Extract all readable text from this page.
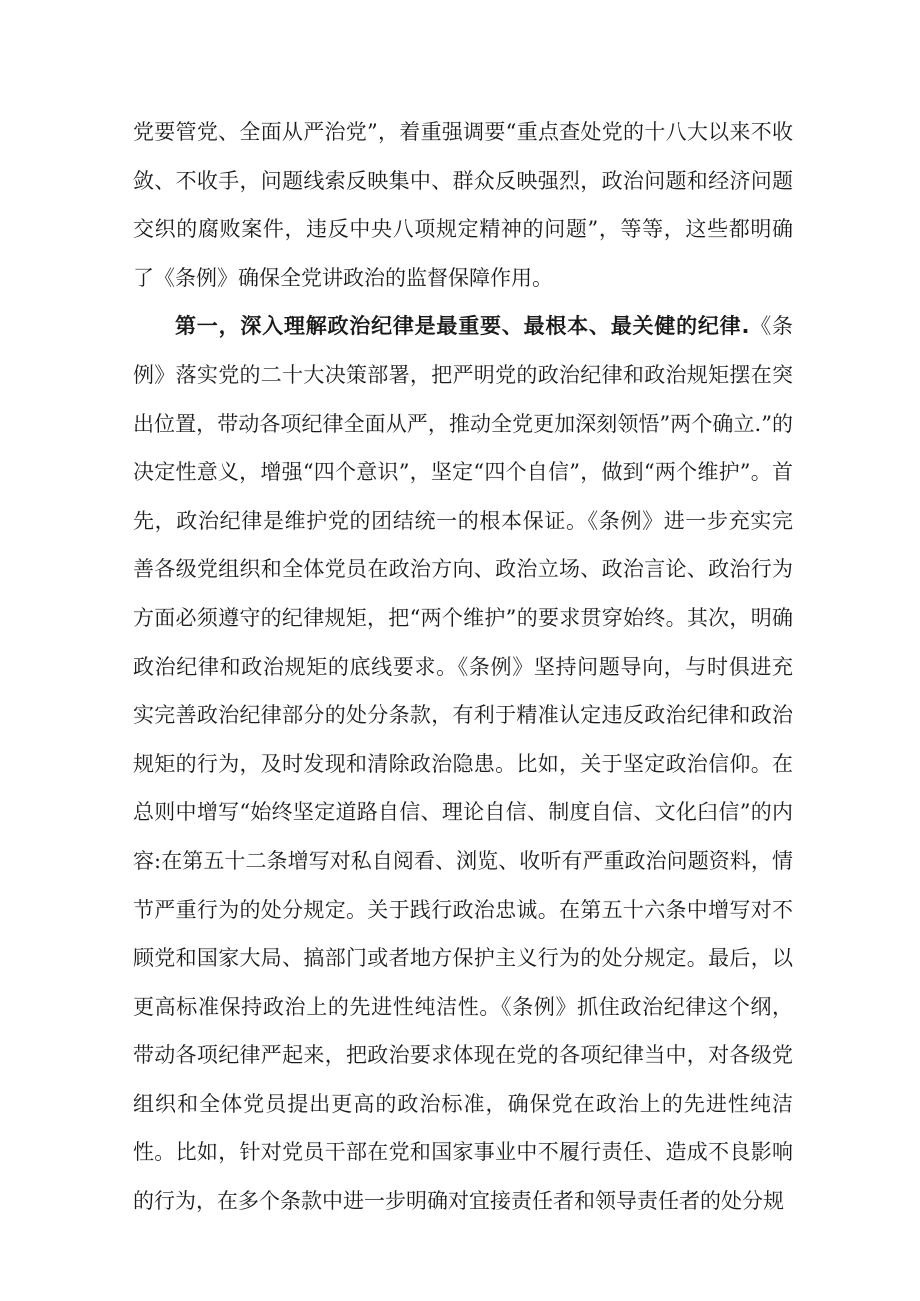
党要管党、全面从严治党”，着重强调要“重点查处党的十八大以来不收敛、不收手，问题线索反映集中、群众反映强烈，政治问题和经济问题交织的腐败案件，违反中央八项规定精神的问题”，等等，这些都明确了《条例》确保全党讲政治的监督保障作用。

第一，深入理解政治纪律是最重要、最根本、最关健的纪律.《条例》落实党的二十大决策部署，把严明党的政治纪律和政治规矩摆在突出位置，带动各项纪律全面从严，推动全党更加深刻领悟”两个确立.”的决定性意义，增强“四个意识”，坚定“四个自信”，做到“两个维护”。首先，政治纪律是维护党的团结统一的根本保证。《条例》进一步充实完善各级党组织和全体党员在政治方向、政治立场、政治言论、政治行为方面必须遵守的纪律规矩，把“两个维护”的要求贯穿始终。其次，明确政治纪律和政治规矩的底线要求。《条例》坚持问题导向，与时俱进充实完善政治纪律部分的处分条款，有利于精准认定违反政治纪律和政治规矩的行为，及时发现和清除政治隐患。比如，关于坚定政治信仰。在总则中增写“始终坚定道路自信、理论自信、制度自信、文化臼信”的内容:在第五十二条增写对私自阅看、浏览、收听有严重政治问题资料，情节严重行为的处分规定。关于践行政治忠诚。在第五十六条中增写对不顾党和国家大局、搞部门或者地方保护主义行为的处分规定。最后，以更高标准保持政治上的先进性纯洁性。《条例》抓住政治纪律这个纲，带动各项纪律严起来，把政治要求体现在党的各项纪律当中，对各级党组织和全体党员提出更高的政治标准，确保党在政治上的先进性纯洁性。比如，针对党员干部在党和国家事业中不履行责任、造成不良影响的行为，在多个条款中进一步明确对宜接责任者和领导责任者的处分规
